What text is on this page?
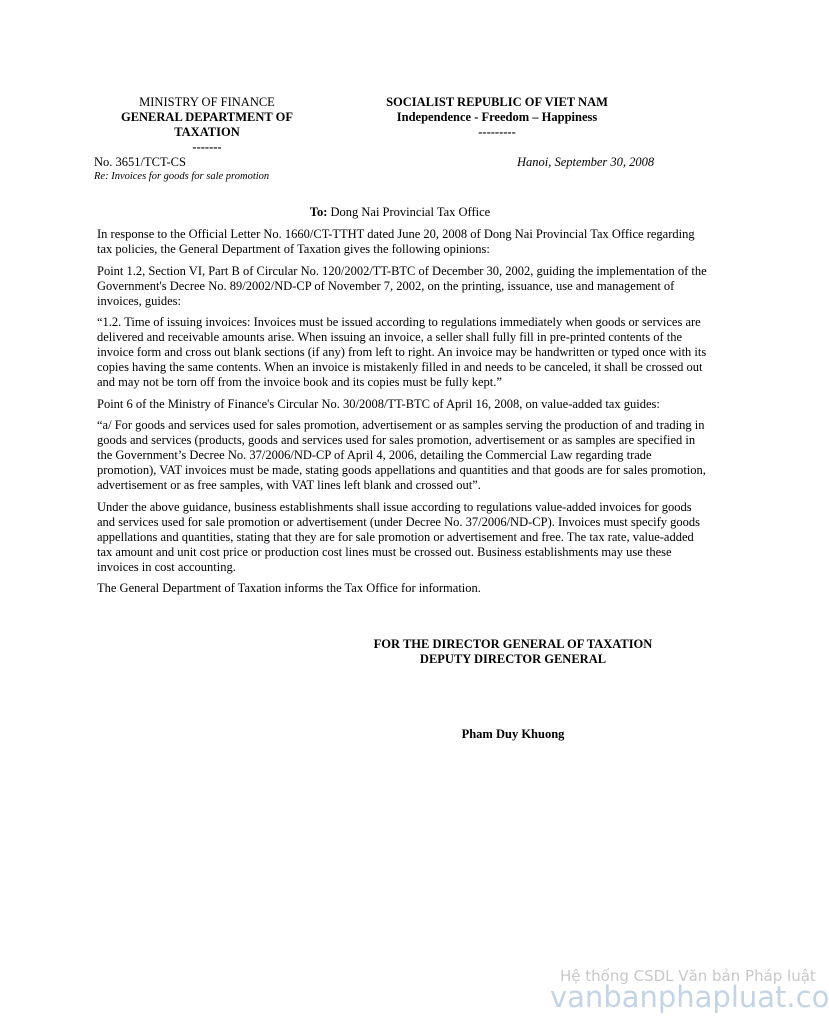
MINISTRY OF FINANCE
GENERAL DEPARTMENT OF
TAXATION
-------
SOCIALIST REPUBLIC OF VIET NAM
Independence - Freedom – Happiness
---------
No. 3651/TCT-CS
Re: Invoices for goods for sale promotion
Hanoi, September 30, 2008
To: Dong Nai Provincial Tax Office

In response to the Official Letter No. 1660/CT-TTHT dated June 20, 2008 of Dong Nai Provincial Tax Office regarding tax policies, the General Department of Taxation gives the following opinions:

Point 1.2, Section VI, Part B of Circular No. 120/2002/TT-BTC of December 30, 2002, guiding the implementation of the Government's Decree No. 89/2002/ND-CP of November 7, 2002, on the printing, issuance, use and management of invoices, guides:

“1.2. Time of issuing invoices: Invoices must be issued according to regulations immediately when goods or services are delivered and receivable amounts arise. When issuing an invoice, a seller shall fully fill in pre-printed contents of the invoice form and cross out blank sections (if any) from left to right. An invoice may be handwritten or typed once with its copies having the same contents. When an invoice is mistakenly filled in and needs to be canceled, it shall be crossed out and may not be torn off from the invoice book and its copies must be fully kept.”

Point 6 of the Ministry of Finance's Circular No. 30/2008/TT-BTC of April 16, 2008, on value-added tax guides:

“a/ For goods and services used for sales promotion, advertisement or as samples serving the production of and trading in goods and services (products, goods and services used for sales promotion, advertisement or as samples are specified in the Government’s Decree No. 37/2006/ND-CP of April 4, 2006, detailing the Commercial Law regarding trade promotion), VAT invoices must be made, stating goods appellations and quantities and that goods are for sales promotion, advertisement or as free samples, with VAT lines left blank and crossed out”.

Under the above guidance, business establishments shall issue according to regulations value-added invoices for goods and services used for sale promotion or advertisement (under Decree No. 37/2006/ND-CP). Invoices must specify goods appellations and quantities, stating that they are for sale promotion or advertisement and free. The tax rate, value-added tax amount and unit cost price or production cost lines must be crossed out. Business establishments may use these invoices in cost accounting.

The General Department of Taxation informs the Tax Office for information.

FOR THE DIRECTOR GENERAL OF TAXATION
DEPUTY DIRECTOR GENERAL
Pham Duy Khuong
Hệ thống CSDL Văn bản Pháp luật
vanbanphapluat.co
